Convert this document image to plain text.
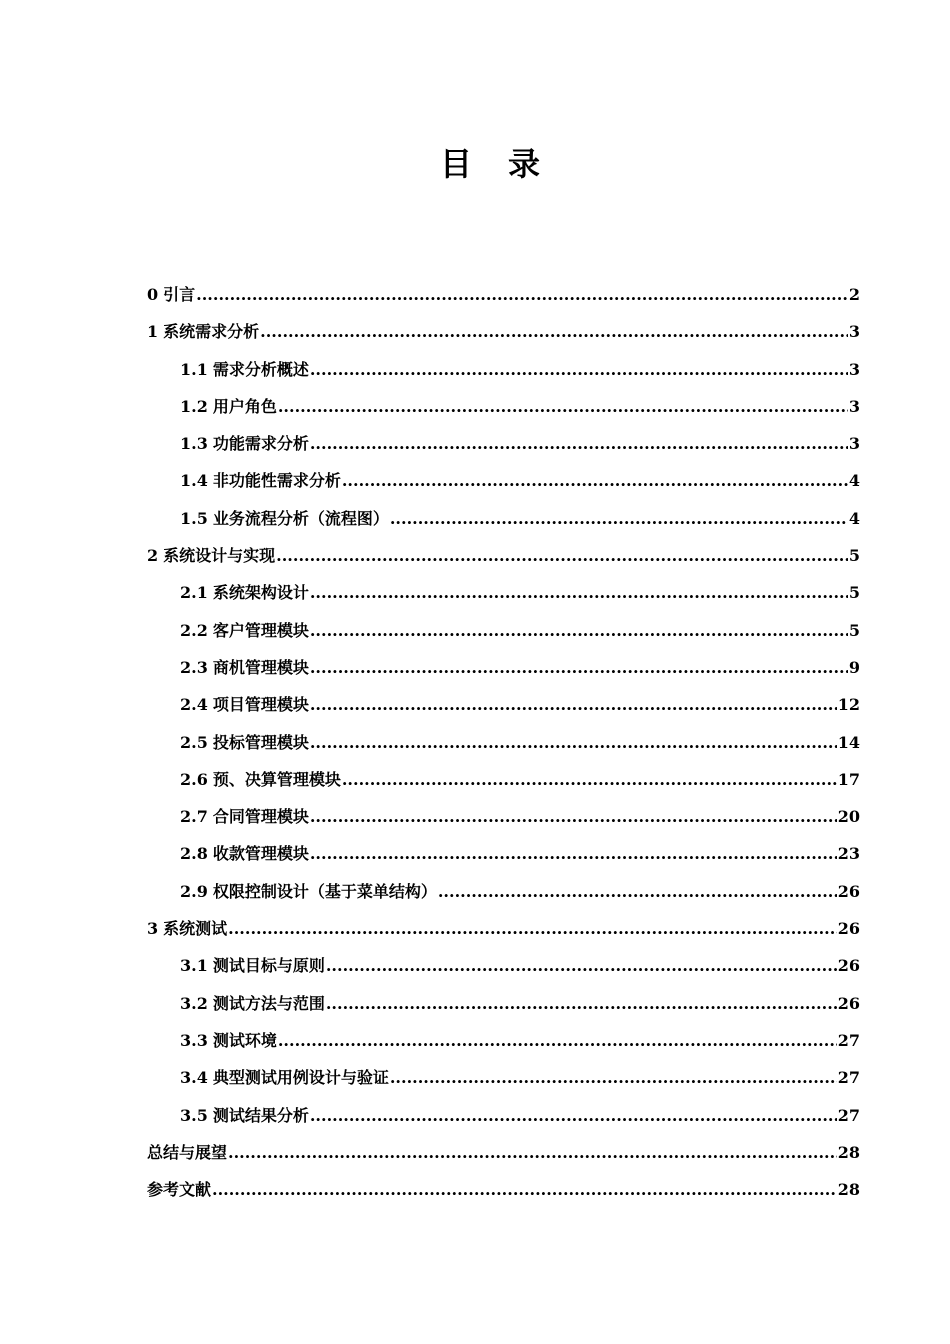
目 录
0 引言 .....	2
1 系统需求分析 .....	3
1.1 需求分析概述 .....	3
1.2 用户角色 .....	3
1.3 功能需求分析 .....	3
1.4 非功能性需求分析 .....	4
1.5 业务流程分析（流程图） .....	4
2 系统设计与实现 .....	5
2.1 系统架构设计 .....	5
2.2 客户管理模块 .....	5
2.3 商机管理模块 .....	9
2.4 项目管理模块 .....	12
2.5 投标管理模块 .....	14
2.6 预、决算管理模块 .....	17
2.7 合同管理模块 .....	20
2.8 收款管理模块 .....	23
2.9 权限控制设计（基于菜单结构） .....	26
3 系统测试 .....	26
3.1 测试目标与原则 .....	26
3.2 测试方法与范围 .....	26
3.3 测试环境 .....	27
3.4 典型测试用例设计与验证 .....	27
3.5 测试结果分析 .....	27
总结与展望 .....	28
参考文献 .....	28
